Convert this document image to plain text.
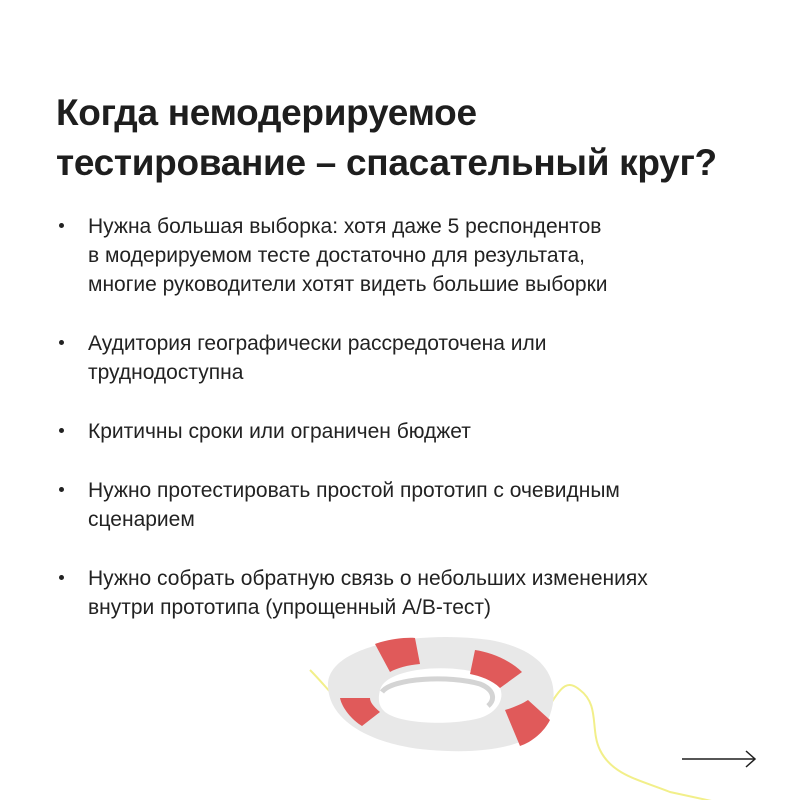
Когда немодерируемое
тестирование – спасательный круг?
Нужна большая выборка: хотя даже 5 респондентов
в модерируемом тесте достаточно для результата,
многие руководители хотят видеть большие выборки
Аудитория географически рассредоточена или
труднодоступна
Критичны сроки или ограничен бюджет
Нужно протестировать простой прототип с очевидным
сценарием
Нужно собрать обратную связь о небольших изменениях
внутри прототипа (упрощенный A/B-тест)
